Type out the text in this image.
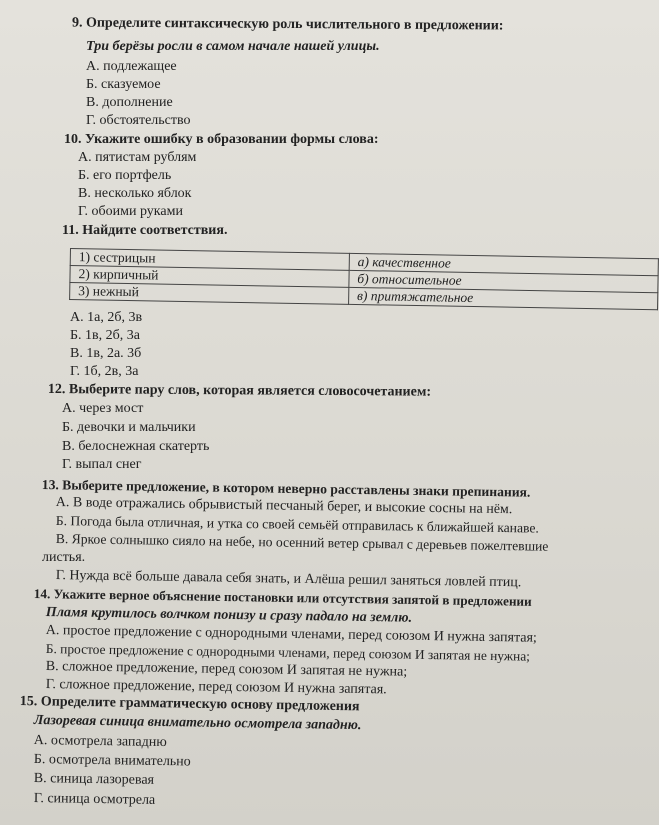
9. Определите синтаксическую роль числительного в предложении:
Три берёзы росли в самом начале нашей улицы.
А. подлежащее
Б. сказуемое
В. дополнение
Г. обстоятельство
10. Укажите ошибку в образовании формы слова:
А. пятистам рублям
Б. его портфель
В. несколько яблок
Г. обоими руками
11. Найдите соответствия.
1) сестрицын	а) качественное
2) кирпичный	б) относительное
3) нежный	в) притяжательное
А. 1а, 2б, 3в
Б. 1в, 2б, 3а
В. 1в, 2а. 3б
Г. 1б, 2в, 3а
12. Выберите пару слов, которая является словосочетанием:
А. через мост
Б. девочки и мальчики
В. белоснежная скатерть
Г. выпал снег
13. Выберите предложение, в котором неверно расставлены знаки препинания.
А. В воде отражались обрывистый песчаный берег, и высокие сосны на нём.
Б. Погода была отличная, и утка со своей семьёй отправилась к ближайшей канаве.
В. Яркое солнышко сияло на небе, но осенний ветер срывал с деревьев пожелтевшие
листья.
Г. Нужда всё больше давала себя знать, и Алёша решил заняться ловлей птиц.
14. Укажите верное объяснение постановки или отсутствия запятой в предложении
Пламя крутилось волчком понизу и сразу падало на землю.
А. простое предложение с однородными членами, перед союзом И нужна запятая;
Б. простое предложение с однородными членами, перед союзом И запятая не нужна;
В. сложное предложение, перед союзом И запятая не нужна;
Г. сложное предложение, перед союзом И нужна запятая.
15. Определите грамматическую основу предложения
Лазоревая синица внимательно осмотрела западню.
А. осмотрела западню
Б. осмотрела внимательно
В. синица лазоревая
Г. синица осмотрела
